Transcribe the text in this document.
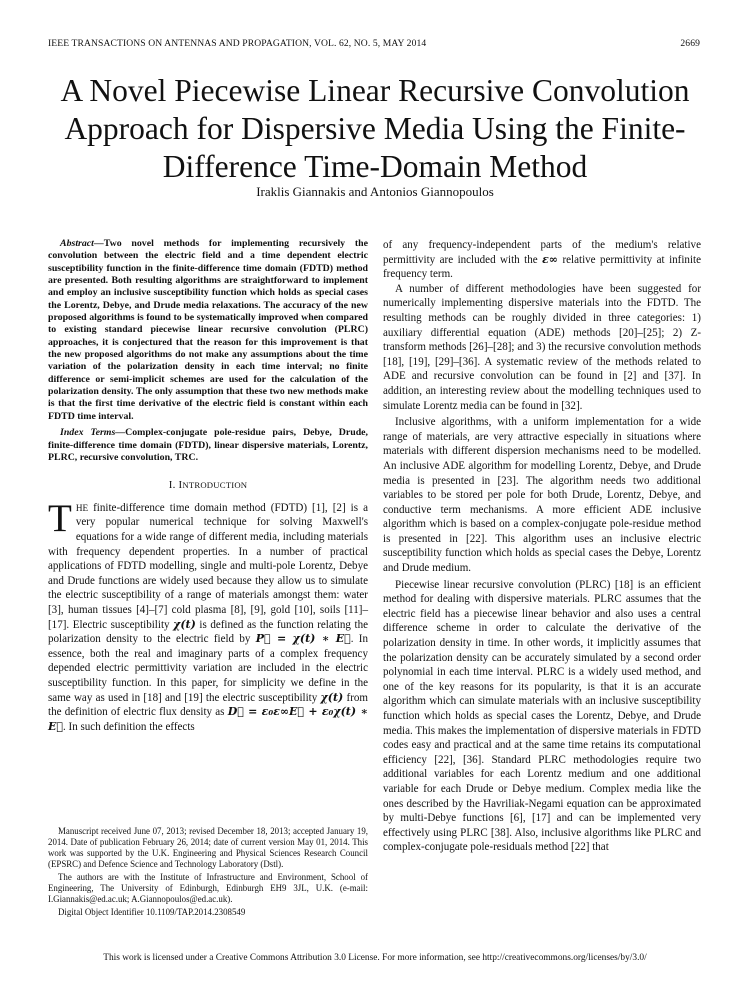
IEEE TRANSACTIONS ON ANTENNAS AND PROPAGATION, VOL. 62, NO. 5, MAY 2014	2669
A Novel Piecewise Linear Recursive Convolution Approach for Dispersive Media Using the Finite-Difference Time-Domain Method
Iraklis Giannakis and Antonios Giannopoulos

Abstract—Two novel methods for implementing recursively the convolution between the electric field and a time dependent electric susceptibility function in the finite-difference time domain (FDTD) method are presented. Both resulting algorithms are straightforward to implement and employ an inclusive susceptibility function which holds as special cases the Lorentz, Debye, and Drude media relaxations. The accuracy of the new proposed algorithms is found to be systematically improved when compared to existing standard piecewise linear recursive convolution (PLRC) approaches, it is conjectured that the reason for this improvement is that the new proposed algorithms do not make any assumptions about the time variation of the polarization density in each time interval; no finite difference or semi-implicit schemes are used for the calculation of the polarization density. The only assumption that these two new methods make is that the first time derivative of the electric field is constant within each FDTD time interval.

Index Terms—Complex-conjugate pole-residue pairs, Debye, Drude, finite-difference time domain (FDTD), linear dispersive materials, Lorentz, PLRC, recursive convolution, TRC.

I. INTRODUCTION

THE finite-difference time domain method (FDTD) [1], [2] is a very popular numerical technique for solving Maxwell's equations for a wide range of different media, including materials with frequency dependent properties. In a number of practical applications of FDTD modelling, single and multi-pole Lorentz, Debye and Drude functions are widely used because they allow us to simulate the electric susceptibility of a range of materials amongst them: water [3], human tissues [4]–[7] cold plasma [8], [9], gold [10], soils [11]–[17]. Electric susceptibility χ(t) is defined as the function relating the polarization density to the electric field by P⃗ = χ(t) ∗ E⃗. In essence, both the real and imaginary parts of a complex frequency depended electric permittivity variation are included in the electric susceptibility function. In this paper, for simplicity we define in the same way as used in [18] and [19] the electric susceptibility χ(t) from the definition of electric flux density as D⃗ = ε₀ε∞E⃗ + ε₀χ(t) ∗ E⃗. In such definition the effects

Manuscript received June 07, 2013; revised December 18, 2013; accepted January 19, 2014. Date of publication February 26, 2014; date of current version May 01, 2014. This work was supported by the U.K. Engineering and Physical Sciences Research Council (EPSRC) and Defence Science and Technology Laboratory (Dstl).

The authors are with the Institute of Infrastructure and Environment, School of Engineering, The University of Edinburgh, Edinburgh EH9 3JL, U.K. (e-mail: I.Giannakis@ed.ac.uk; A.Giannopoulos@ed.ac.uk).

Digital Object Identifier 10.1109/TAP.2014.2308549

of any frequency-independent parts of the medium's relative permittivity are included with the ε∞ relative permittivity at infinite frequency term.

A number of different methodologies have been suggested for numerically implementing dispersive materials into the FDTD. The resulting methods can be roughly divided in three categories: 1) auxiliary differential equation (ADE) methods [20]–[25]; 2) Z-transform methods [26]–[28]; and 3) the recursive convolution methods [18], [19], [29]–[36]. A systematic review of the methods related to ADE and recursive convolution can be found in [2] and [37]. In addition, an interesting review about the modelling techniques used to simulate Lorentz media can be found in [32].

Inclusive algorithms, with a uniform implementation for a wide range of materials, are very attractive especially in situations where materials with different dispersion mechanisms need to be modelled. An inclusive ADE algorithm for modelling Lorentz, Debye, and Drude media is presented in [23]. The algorithm needs two additional variables to be stored per pole for both Drude, Lorentz, Debye, and conductive term mechanisms. A more efficient ADE inclusive algorithm which is based on a complex-conjugate pole-residue method is presented in [22]. This algorithm uses an inclusive electric susceptibility function which holds as special cases the Debye, Lorentz and Drude medium.

Piecewise linear recursive convolution (PLRC) [18] is an efficient method for dealing with dispersive materials. PLRC assumes that the electric field has a piecewise linear behavior and also uses a central difference scheme in order to calculate the derivative of the polarization density in time. In other words, it implicitly assumes that the polarization density can be accurately simulated by a second order polynomial in each time interval. PLRC is a widely used method, and one of the key reasons for its popularity, is that it is an accurate algorithm which can simulate materials with an inclusive susceptibility function which holds as special cases the Lorentz, Debye, and Drude media. This makes the implementation of dispersive materials in FDTD codes easy and practical and at the same time retains its computational efficiency [22], [36]. Standard PLRC methodologies require two additional variables for each Lorentz medium and one additional variable for each Drude or Debye medium. Complex media like the ones described by the Havriliak-Negami equation can be approximated by multi-Debye functions [6], [17] and can be implemented very effectively using PLRC [38]. Also, inclusive algorithms like PLRC and complex-conjugate pole-residuals method [22] that

This work is licensed under a Creative Commons Attribution 3.0 License. For more information, see http://creativecommons.org/licenses/by/3.0/
